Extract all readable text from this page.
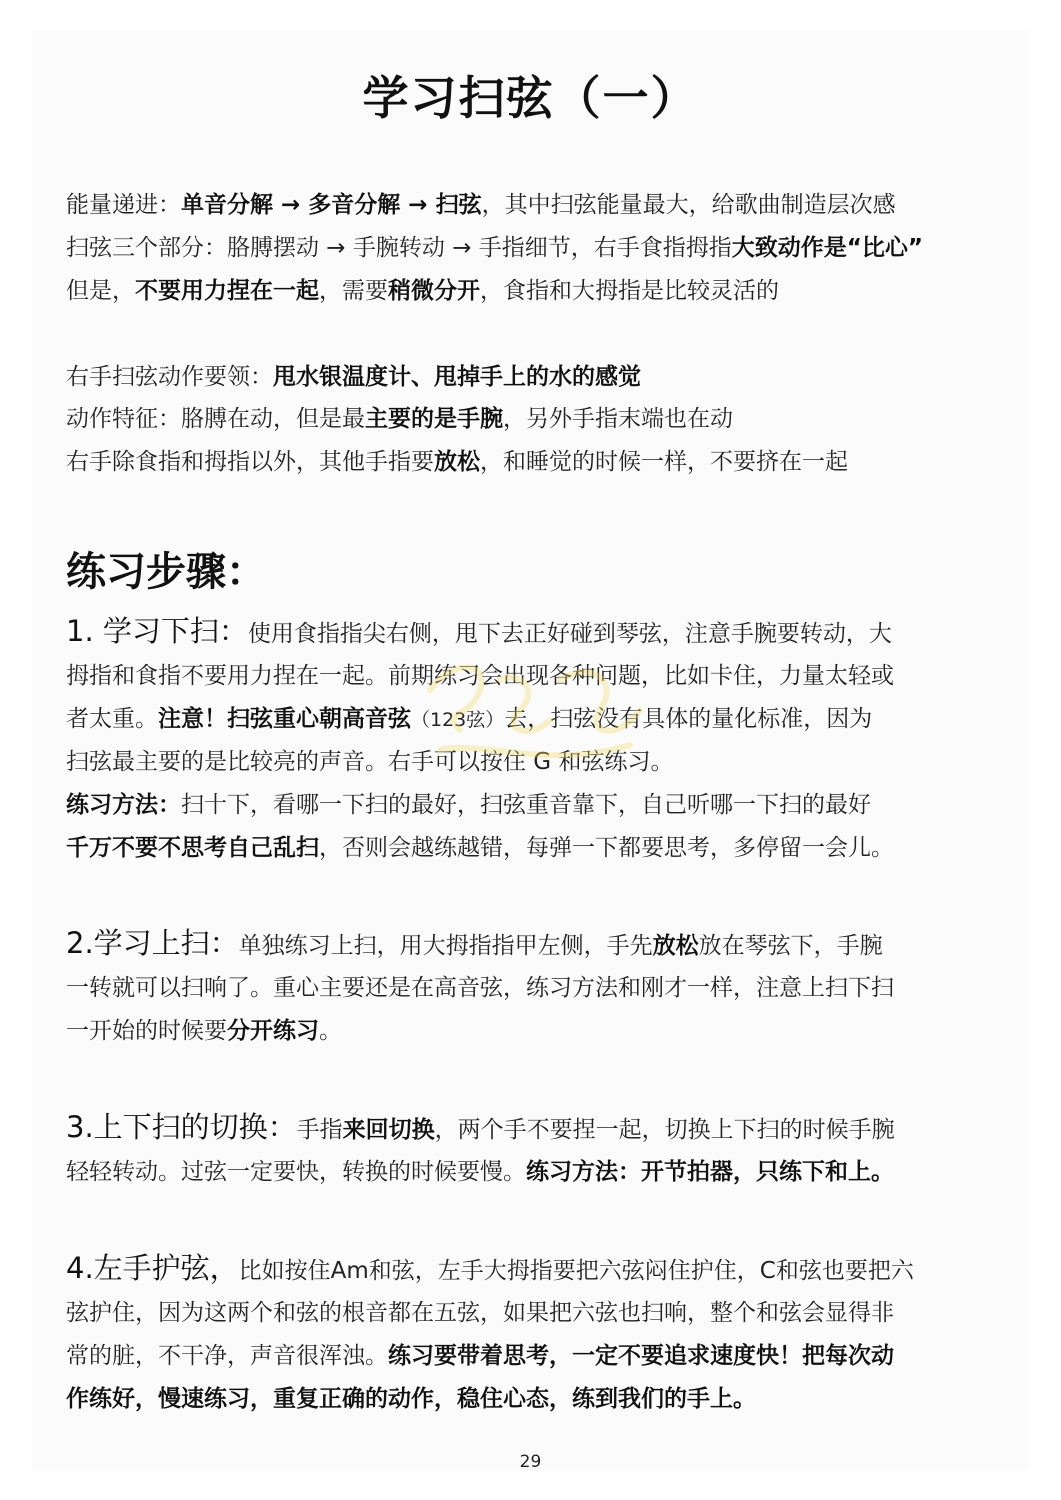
学习扫弦（一）
能量递进：单音分解 → 多音分解 → 扫弦，其中扫弦能量最大，给歌曲制造层次感
扫弦三个部分：胳膊摆动 → 手腕转动 → 手指细节，右手食指拇指大致动作是“比心”
但是，不要用力捏在一起，需要稍微分开，食指和大拇指是比较灵活的
右手扫弦动作要领：甩水银温度计、甩掉手上的水的感觉
动作特征：胳膊在动，但是最主要的是手腕，另外手指末端也在动
右手除食指和拇指以外，其他手指要放松，和睡觉的时候一样，不要挤在一起
练习步骤：
1. 学习下扫：使用食指指尖右侧，甩下去正好碰到琴弦，注意手腕要转动，大
拇指和食指不要用力捏在一起。前期练习会出现各种问题，比如卡住，力量太轻或
者太重。注意！扫弦重心朝高音弦（123弦）去，扫弦没有具体的量化标准，因为
扫弦最主要的是比较亮的声音。右手可以按住 G 和弦练习。
练习方法：扫十下，看哪一下扫的最好，扫弦重音靠下，自己听哪一下扫的最好
千万不要不思考自己乱扫，否则会越练越错，每弹一下都要思考，多停留一会儿。
2.学习上扫：单独练习上扫，用大拇指指甲左侧，手先放松放在琴弦下，手腕
一转就可以扫响了。重心主要还是在高音弦，练习方法和刚才一样，注意上扫下扫
一开始的时候要分开练习。
3.上下扫的切换：手指来回切换，两个手不要捏一起，切换上下扫的时候手腕
轻轻转动。过弦一定要快，转换的时候要慢。练习方法：开节拍器，只练下和上。
4.左手护弦，比如按住Am和弦，左手大拇指要把六弦闷住护住，C和弦也要把六
弦护住，因为这两个和弦的根音都在五弦，如果把六弦也扫响，整个和弦会显得非
常的脏，不干净，声音很浑浊。练习要带着思考，一定不要追求速度快！把每次动
作练好，慢速练习，重复正确的动作，稳住心态，练到我们的手上。
29
